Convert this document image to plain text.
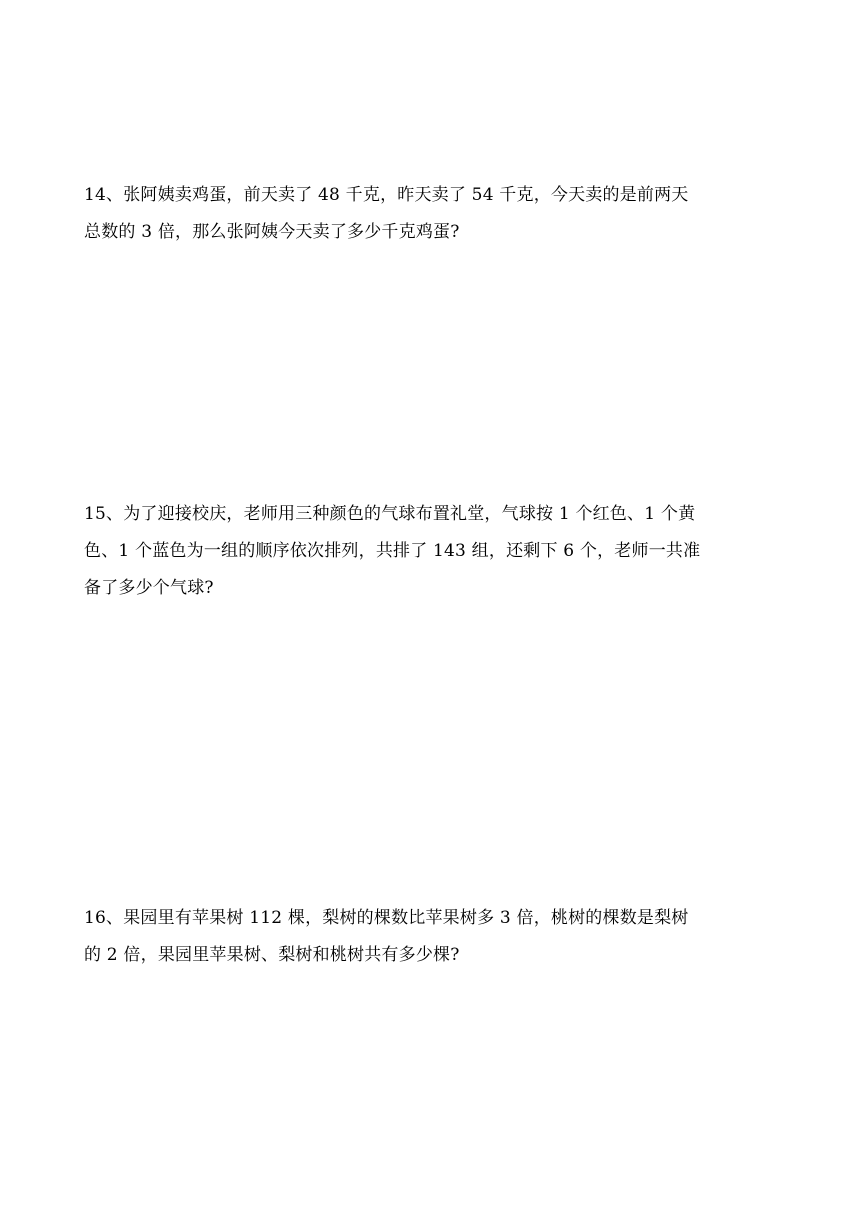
14、张阿姨卖鸡蛋，前天卖了 48 千克，昨天卖了 54 千克，今天卖的是前两天
总数的 3 倍，那么张阿姨今天卖了多少千克鸡蛋?
15、为了迎接校庆，老师用三种颜色的气球布置礼堂，气球按 1 个红色、1 个黄
色、1 个蓝色为一组的顺序依次排列，共排了 143 组，还剩下 6 个，老师一共准
备了多少个气球?
16、果园里有苹果树 112 棵，梨树的棵数比苹果树多 3 倍，桃树的棵数是梨树
的 2 倍，果园里苹果树、梨树和桃树共有多少棵?
